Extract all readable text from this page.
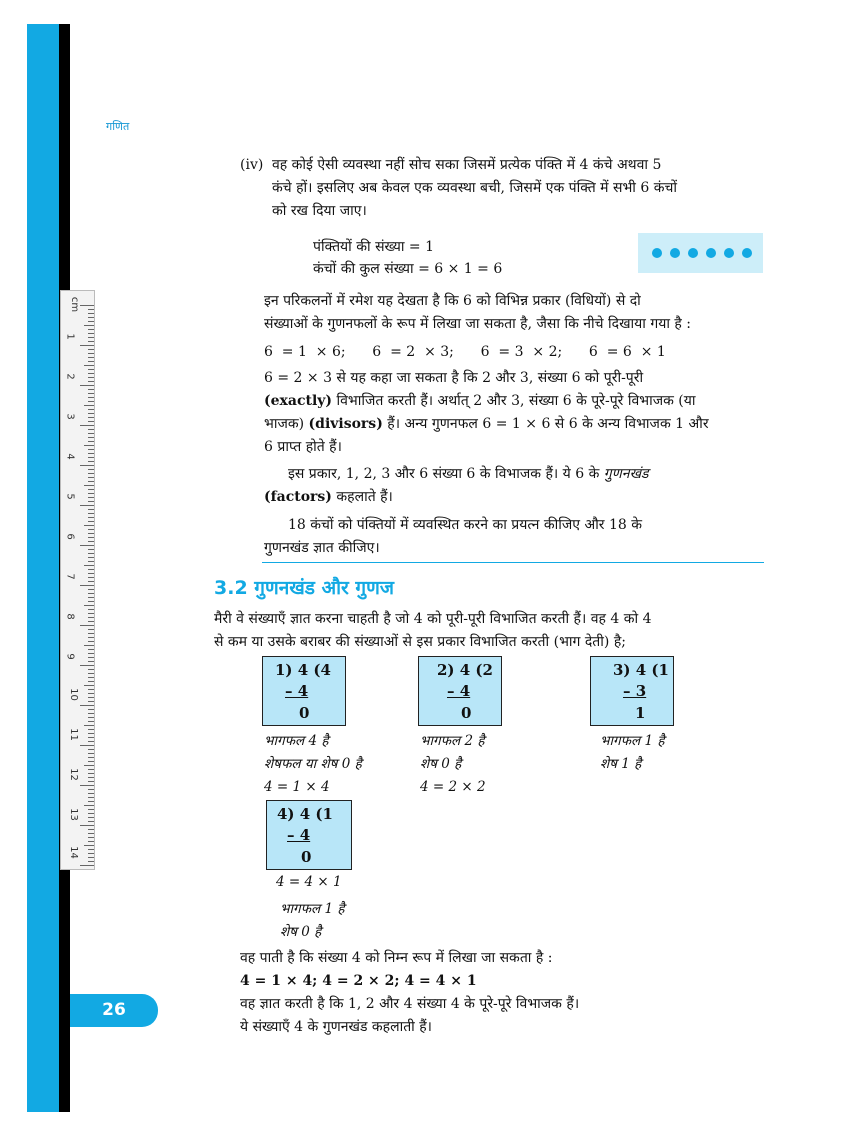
cm
1
2
3
4
5
6
7
8
9
10
11
12
13
14
गणित
(iv) वह कोई ऐसी व्यवस्था नहीं सोच सका जिसमें प्रत्येक पंक्ति में 4 कंचे अथवा 5
कंचे हों। इसलिए अब केवल एक व्यवस्था बची, जिसमें एक पंक्ति में सभी 6 कंचों
को रख दिया जाए।
पंक्तियों की संख्या = 1
कंचों की कुल संख्या = 6 × 1 = 6
इन परिकलनों में रमेश यह देखता है कि 6 को विभिन्न प्रकार (विधियों) से दो
संख्याओं के गुणनफलों के रूप में लिखा जा सकता है, जैसा कि नीचे दिखाया गया है :
6  = 1  × 6;      6  = 2  × 3;      6  = 3  × 2;      6  = 6  × 1
6 = 2 × 3 से यह कहा जा सकता है कि 2 और 3, संख्या 6 को पूरी-पूरी
(exactly) विभाजित करती हैं। अर्थात् 2 और 3, संख्या 6 के पूरे-पूरे विभाजक (या
भाजक) (divisors) हैं। अन्य गुणनफल 6 = 1 × 6 से 6 के अन्य विभाजक 1 और
6 प्राप्त होते हैं।
इस प्रकार, 1, 2, 3 और 6 संख्या 6 के विभाजक हैं। ये 6 के गुणनखंड
(factors) कहलाते हैं।
18 कंचों को पंक्तियों में व्यवस्थित करने का प्रयत्न कीजिए और 18 के
गुणनखंड ज्ञात कीजिए।
3.2 गुणनखंड और गुणज
मैरी वे संख्याएँ ज्ञात करना चाहती है जो 4 को पूरी-पूरी विभाजित करती हैं। वह 4 को 4
से कम या उसके बराबर की संख्याओं से इस प्रकार विभाजित करती (भाग देती) है;
1) 4 (4
– 4
0
2) 4 (2
– 4
0
3) 4 (1
– 3
1
भागफल 4 है
शेषफल या शेष 0 है
4 = 1 × 4
भागफल 2 है
शेष 0 है
4 = 2 × 2
भागफल 1 है
शेष 1 है
4) 4 (1
– 4
0
4 = 4 × 1
भागफल 1 है
शेष 0 है
वह पाती है कि संख्या 4 को निम्न रूप में लिखा जा सकता है :
4 = 1 × 4; 4 = 2 × 2; 4 = 4 × 1
वह ज्ञात करती है कि 1, 2 और 4 संख्या 4 के पूरे-पूरे विभाजक हैं।
ये संख्याएँ 4 के गुणनखंड कहलाती हैं।
26
